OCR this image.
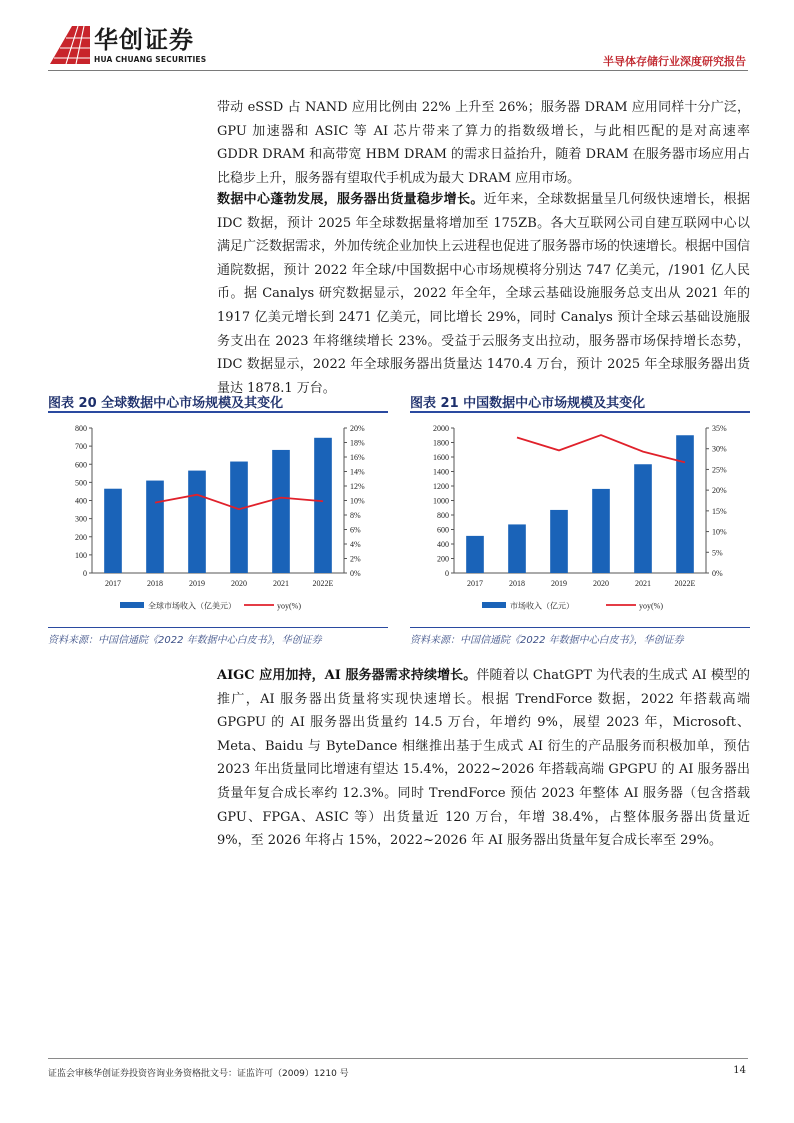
华创证券
HUA CHUANG SECURITIES	半导体存储行业深度研究报告

带动 eSSD 占 NAND 应用比例由 22% 上升至 26%；服务器 DRAM 应用同样十分广泛，GPU 加速器和 ASIC 等 AI 芯片带来了算力的指数级增长，与此相匹配的是对高速率 GDDR DRAM 和高带宽 HBM DRAM 的需求日益抬升，随着 DRAM 在服务器市场应用占比稳步上升，服务器有望取代手机成为最大 DRAM 应用市场。

数据中心蓬勃发展，服务器出货量稳步增长。近年来，全球数据量呈几何级快速增长，根据 IDC 数据，预计 2025 年全球数据量将增加至 175ZB。各大互联网公司自建互联网中心以满足广泛数据需求，外加传统企业加快上云进程也促进了服务器市场的快速增长。根据中国信通院数据，预计 2022 年全球/中国数据中心市场规模将分别达 747 亿美元，/1901 亿人民币。据 Canalys 研究数据显示，2022 年全年，全球云基础设施服务总支出从 2021 年的 1917 亿美元增长到 2471 亿美元，同比增长 29%，同时 Canalys 预计全球云基础设施服务支出在 2023 年将继续增长 23%。受益于云服务支出拉动，服务器市场保持增长态势，IDC 数据显示，2022 年全球服务器出货量达 1470.4 万台，预计 2025 年全球服务器出货量达 1878.1 万台。

图表 20 全球数据中心市场规模及其变化
0
100
200
300
400
500
600
700
800
0%
2%
4%
6%
8%
10%
12%
14%
16%
18%
20%
2017	2018	2019	2020	2021	2022E
全球市场收入（亿美元）	yoy(%)
资料来源：中国信通院《2022 年数据中心白皮书》，华创证券
图表 21 中国数据中心市场规模及其变化
0
200
400
600
800
1000
1200
1400
1600
1800
2000
0%
5%
10%
15%
20%
25%
30%
35%
2017	2018	2019	2020	2021	2022E
市场收入（亿元）	yoy(%)
资料来源：中国信通院《2022 年数据中心白皮书》，华创证券

AIGC 应用加持，AI 服务器需求持续增长。伴随着以 ChatGPT 为代表的生成式 AI 模型的推广，AI 服务器出货量将实现快速增长。根据 TrendForce 数据，2022 年搭载高端 GPGPU 的 AI 服务器出货量约 14.5 万台，年增约 9%，展望 2023 年，Microsoft、Meta、Baidu 与 ByteDance 相继推出基于生成式 AI 衍生的产品服务而积极加单，预估 2023 年出货量同比增速有望达 15.4%，2022~2026 年搭载高端 GPGPU 的 AI 服务器出货量年复合成长率约 12.3%。同时 TrendForce 预估 2023 年整体 AI 服务器（包含搭载 GPU、FPGA、ASIC 等）出货量近 120 万台，年增 38.4%，占整体服务器出货量近 9%，至 2026 年将占 15%，2022~2026 年 AI 服务器出货量年复合成长率至 29%。

证监会审核华创证券投资咨询业务资格批文号：证监许可（2009）1210 号	14
